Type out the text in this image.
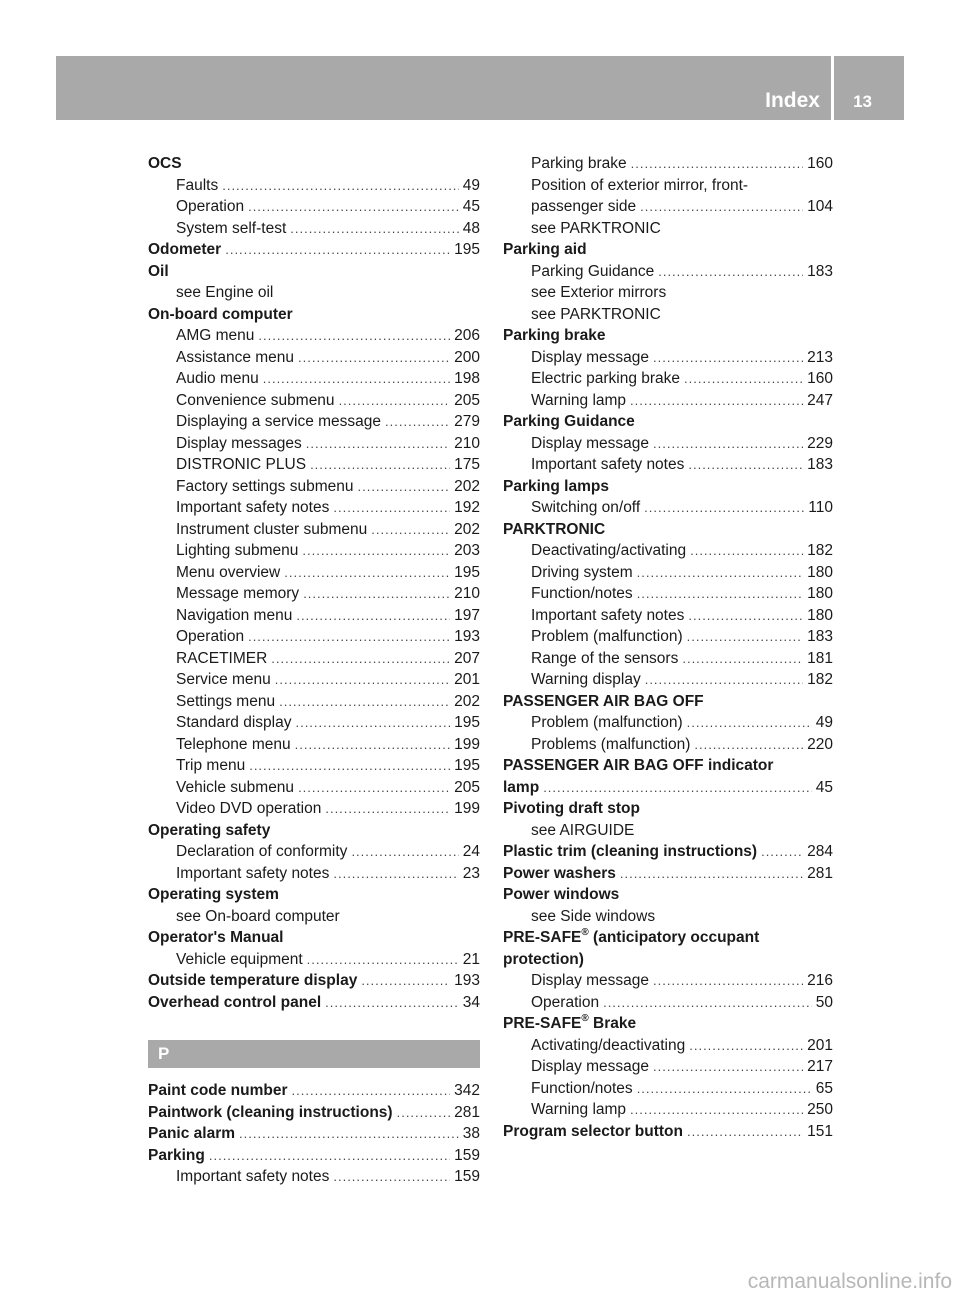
Index 13
OCS
Faults .....	49
Operation .....	45
System self-test .....	48
Odometer .....	195
Oil
see Engine oil
On-board computer
AMG menu .....	206
Assistance menu .....	200
Audio menu .....	198
Convenience submenu .....	205
Displaying a service message .....	279
Display messages .....	210
DISTRONIC PLUS .....	175
Factory settings submenu .....	202
Important safety notes .....	192
Instrument cluster submenu .....	202
Lighting submenu .....	203
Menu overview .....	195
Message memory .....	210
Navigation menu .....	197
Operation .....	193
RACETIMER .....	207
Service menu .....	201
Settings menu .....	202
Standard display .....	195
Telephone menu .....	199
Trip menu .....	195
Vehicle submenu .....	205
Video DVD operation .....	199
Operating safety
Declaration of conformity .....	24
Important safety notes .....	23
Operating system
see On-board computer
Operator's Manual
Vehicle equipment .....	21
Outside temperature display .....	193
Overhead control panel .....	34
P
Paint code number .....	342
Paintwork (cleaning instructions) .....	281
Panic alarm .....	38
Parking .....	159
Important safety notes .....	159
Parking brake .....	160
Position of exterior mirror, front-
passenger side .....	104
see PARKTRONIC
Parking aid
Parking Guidance .....	183
see Exterior mirrors
see PARKTRONIC
Parking brake
Display message .....	213
Electric parking brake .....	160
Warning lamp .....	247
Parking Guidance
Display message .....	229
Important safety notes .....	183
Parking lamps
Switching on/off .....	110
PARKTRONIC
Deactivating/activating .....	182
Driving system .....	180
Function/notes .....	180
Important safety notes .....	180
Problem (malfunction) .....	183
Range of the sensors .....	181
Warning display .....	182
PASSENGER AIR BAG OFF
Problem (malfunction) .....	49
Problems (malfunction) .....	220
PASSENGER AIR BAG OFF indicator
lamp .....	45
Pivoting draft stop
see AIRGUIDE
Plastic trim (cleaning instructions) .....	284
Power washers .....	281
Power windows
see Side windows
PRE-SAFE® (anticipatory occupant
protection)
Display message .....	216
Operation .....	50
PRE-SAFE® Brake
Activating/deactivating .....	201
Display message .....	217
Function/notes .....	65
Warning lamp .....	250
Program selector button .....	151
carmanualsonline.info
